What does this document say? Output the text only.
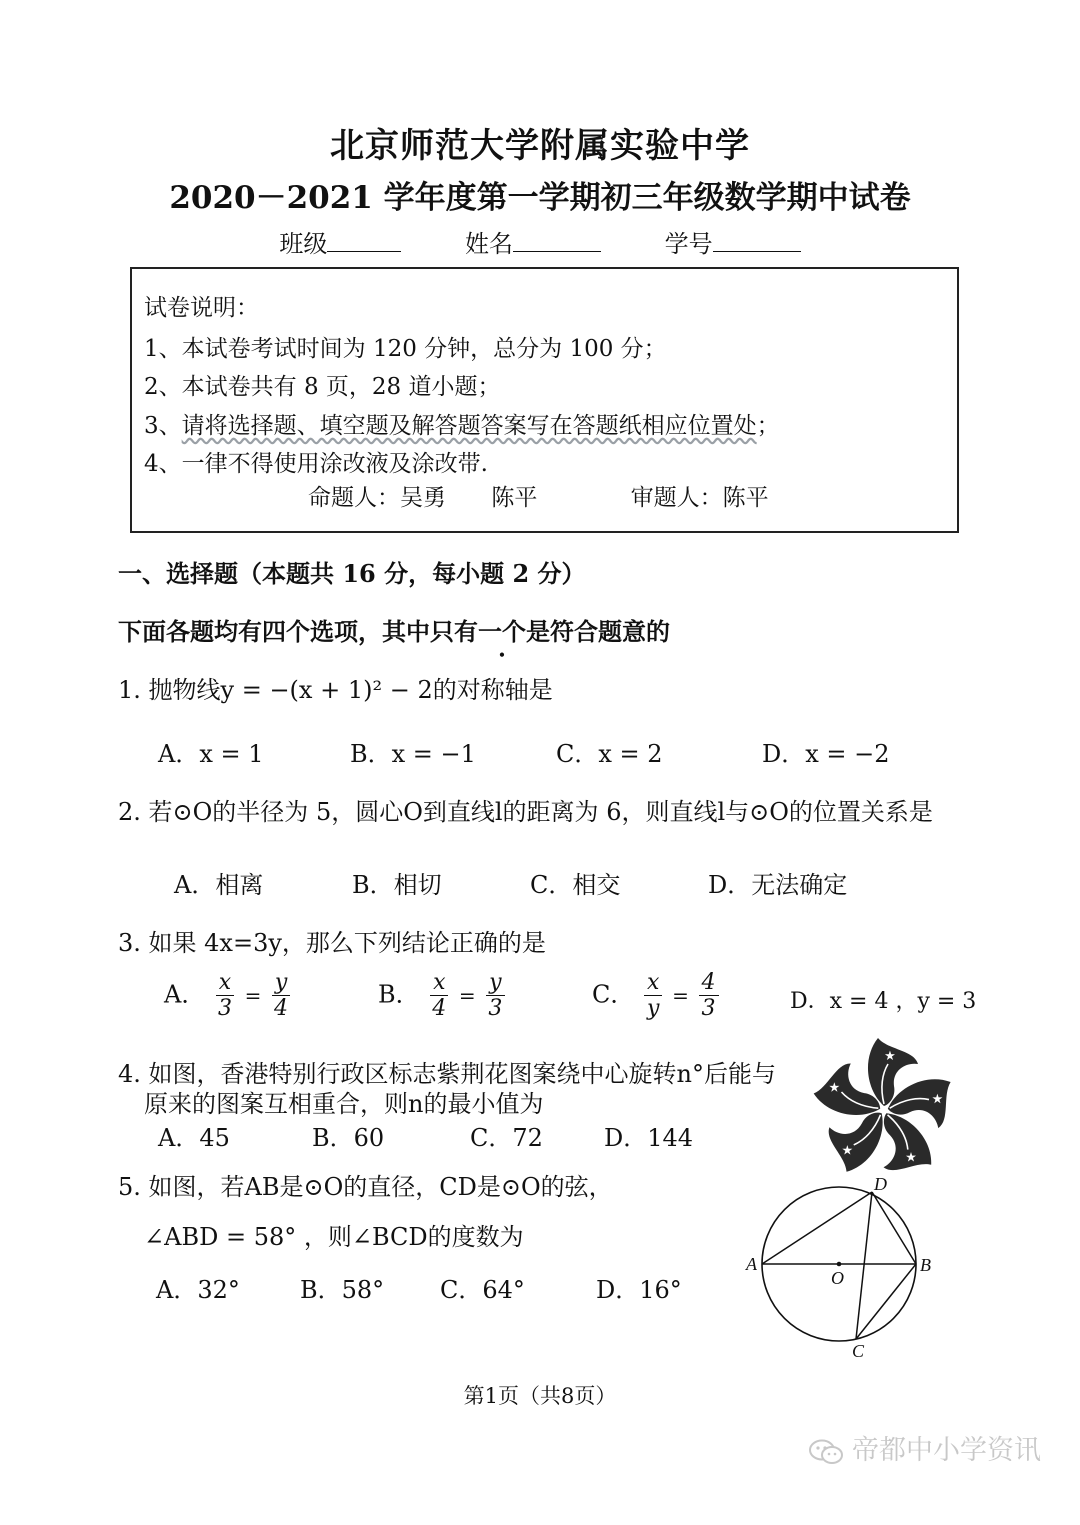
北京师范大学附属实验中学
2020－2021 学年度第一学期初三年级数学期中试卷
班级	姓名	学号
试卷说明：
1、本试卷考试时间为 120 分钟，总分为 100 分；
2、本试卷共有 8 页，28 道小题；
3、请将选择题、填空题及解答题答案写在答题纸相应位置处；
4、一律不得使用涂改液及涂改带.
命题人：吴勇 陈平	审题人：陈平
一、选择题（本题共 16 分，每小题 2 分）
下面各题均有四个选项，其中只有一个是符合题意的
1. 抛物线y = −(x + 1)² − 2的对称轴是
A．x = 1	B．x = −1	C．x = 2	D．x = −2
2. 若⊙O的半径为 5，圆心O到直线l的距离为 6，则直线l与⊙O的位置关系是
A．相离	B．相切	C．相交	D．无法确定
3. 如果 4x=3y，那么下列结论正确的是
A． $\frac{x}{3} = \frac{y}{4}$	B． $\frac{x}{4} = \frac{y}{3}$	C． $\frac{x}{y} = \frac{4}{3}$	D．x = 4 ，y = 3
4. 如图，香港特别行政区标志紫荆花图案绕中心旋转n°后能与
原来的图案互相重合，则n的最小值为
A．45	B．60	C．72	D．144
★
★
★
★
★
5. 如图，若AB是⊙O的直径，CD是⊙O的弦，
∠ABD = 58° ，则∠BCD的度数为
A．32°	B．58° C．64°	D．16°
A	B
C
D
O
第1页（共8页）
帝都中小学资讯
